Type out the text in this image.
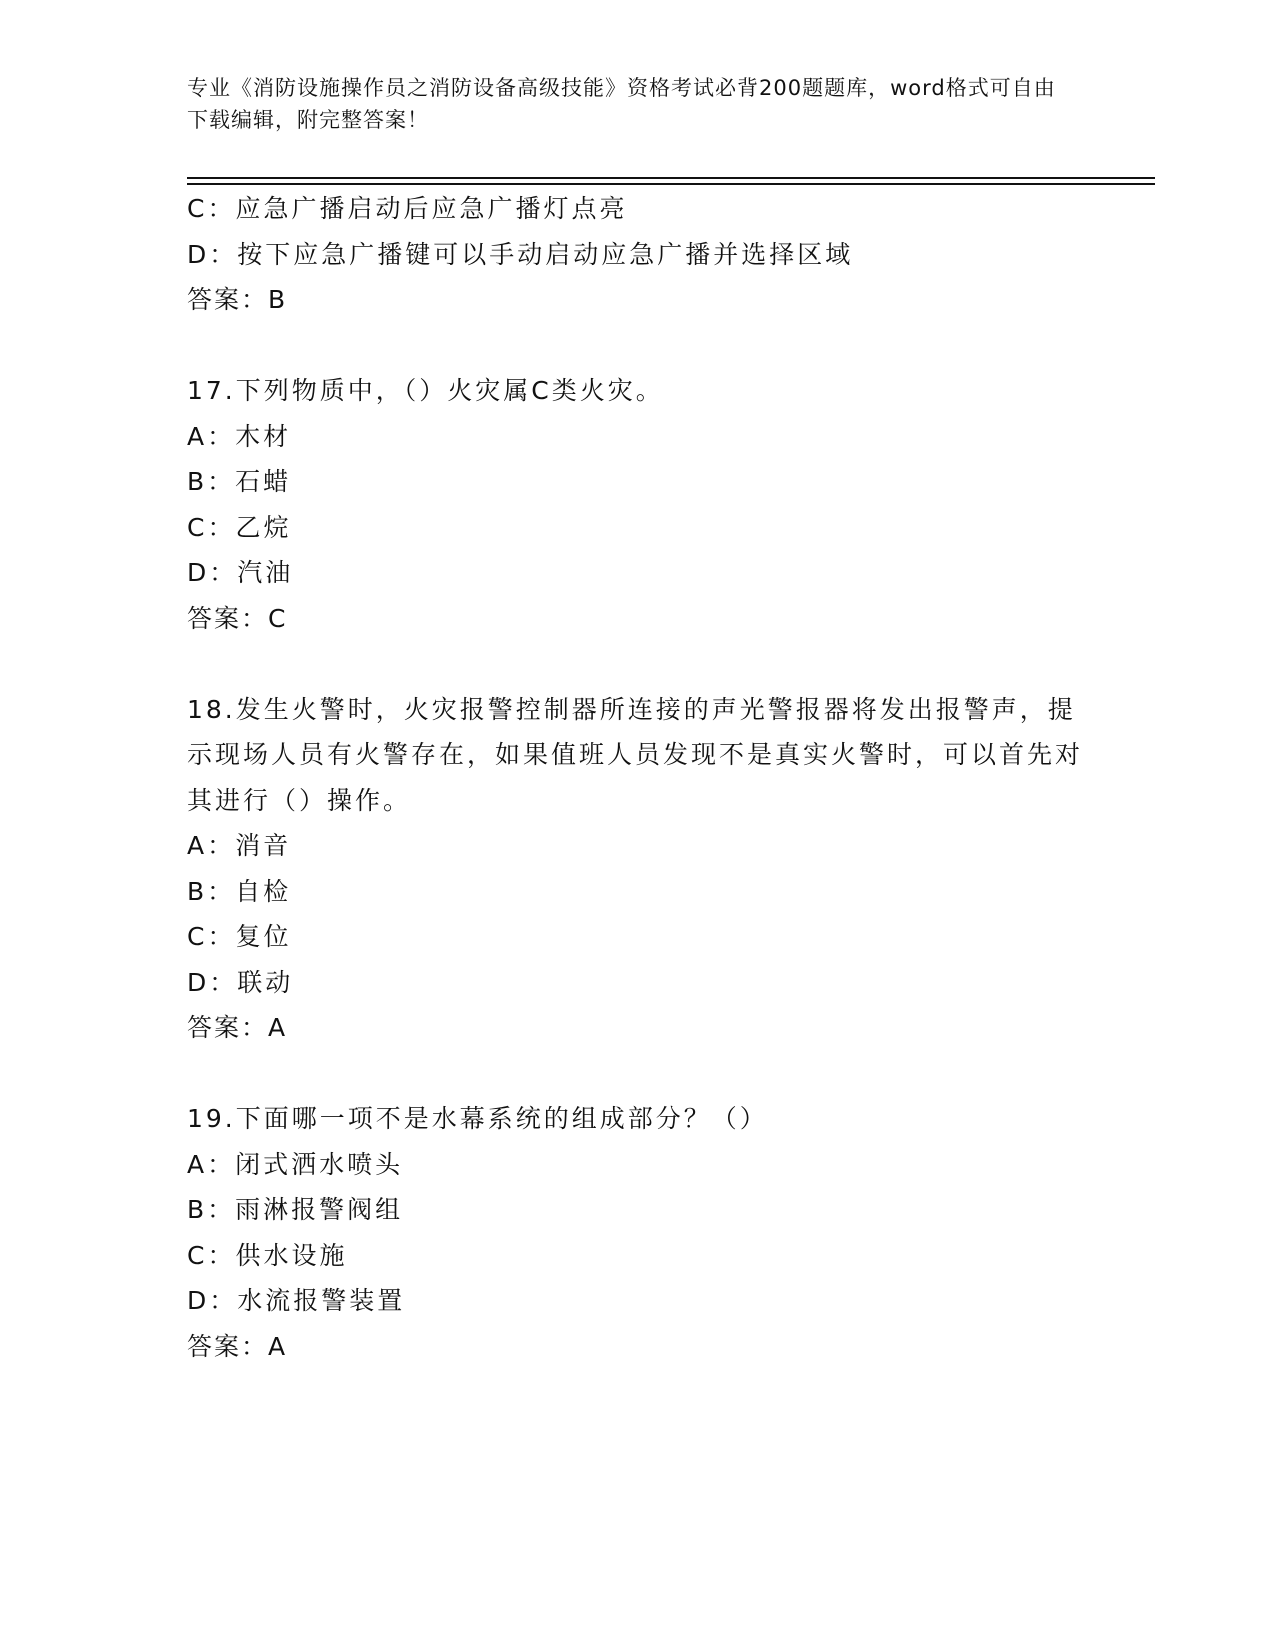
专业《消防设施操作员之消防设备高级技能》资格考试必背200题题库，word格式可自由下载编辑，附完整答案！

C：应急广播启动后应急广播灯点亮

D：按下应急广播键可以手动启动应急广播并选择区域

答案：B

17.下列物质中，（）火灾属C类火灾。

A：木材

B：石蜡

C：乙烷

D：汽油

答案：C

18.发生火警时，火灾报警控制器所连接的声光警报器将发出报警声，提示现场人员有火警存在，如果值班人员发现不是真实火警时，可以首先对其进行（）操作。

A：消音

B：自检

C：复位

D：联动

答案：A

19.下面哪一项不是水幕系统的组成部分？（）

A：闭式洒水喷头

B：雨淋报警阀组

C：供水设施

D：水流报警装置

答案：A
